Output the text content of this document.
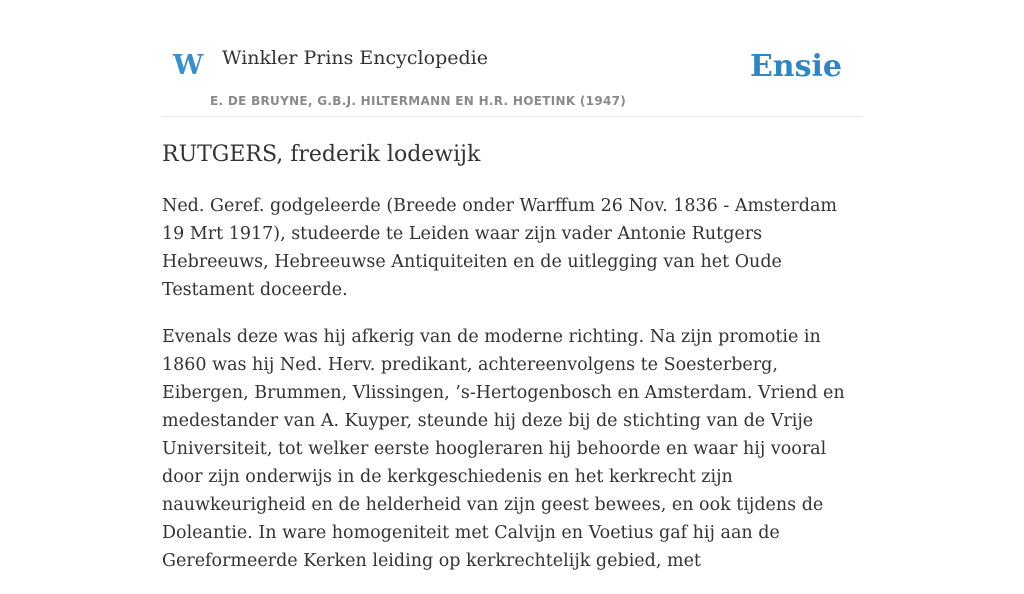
W Winkler Prins Encyclopedie	Ensie
E. DE BRUYNE, G.B.J. HILTERMANN EN H.R. HOETINK (1947)
RUTGERS, frederik lodewijk

Ned. Geref. godgeleerde (Breede onder Warffum 26 Nov. 1836 - Amsterdam 19 Mrt 1917), studeerde te Leiden waar zijn vader Antonie Rutgers Hebreeuws, Hebreeuwse Antiquiteiten en de uitlegging van het Oude Testament doceerde.

Evenals deze was hij afkerig van de moderne richting. Na zijn promotie in 1860 was hij Ned. Herv. predikant, achtereenvolgens te Soesterberg, Eibergen, Brummen, Vlissingen, ’s-Hertogenbosch en Amsterdam. Vriend en medestander van A. Kuyper, steunde hij deze bij de stichting van de Vrije Universiteit, tot welker eerste hoogleraren hij behoorde en waar hij vooral door zijn onderwijs in de kerkgeschiedenis en het kerkrecht zijn nauwkeurigheid en de helderheid van zijn geest bewees, en ook tijdens de Doleantie. In ware homogeniteit met Calvijn en Voetius gaf hij aan de Gereformeerde Kerken leiding op kerkrechtelijk gebied, met
